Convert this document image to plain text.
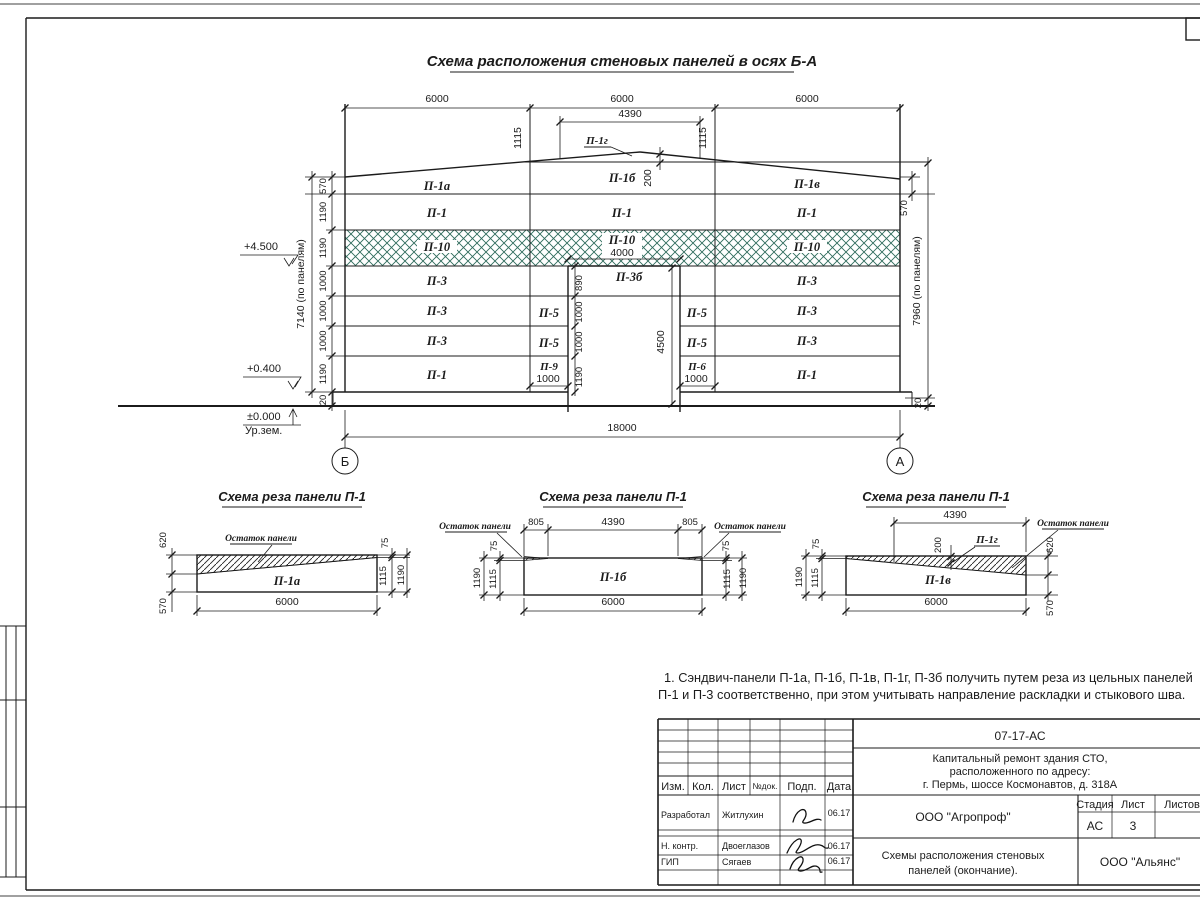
Схема расположения стеновых панелей в осях Б-А
6000	6000	6000
4390
1115	1115
П-1г
200
П-1а
П-1б	П-1в
П-1	П-1	П-1
П-10	П-10	П-10
4000
П-3	П-3
П-3б
П-3	П-3
П-5	П-5
П-3	П-3
П-5	П-5
П-1	П-1
П-9
1000
П-6
1000
890
1000
1000
1190
4500
570
1190
1190
1000
1000
1000
1190
20
7140 (по панелям)
+4.500
+0.400
±0.000
Ур.зем.
570
7960 (по панелям)
20
18000
Б	А
Схема реза панели П-1
Остаток панели
П-1а
620
570
75
1115 1190
6000
Схема реза панели П-1
П-1б
805	4390	805
Остаток панели	Остаток панели
75
1115
1190
75
1115 1190
6000
Схема реза панели П-1
П-1в
4390
200	П-1г
Остаток панели
75
1115
1190
620
570
6000
1. Сэндвич-панели П-1а, П-1б, П-1в, П-1г, П-3б получить путем реза из цельных панелей
П-1 и П-3 соответственно, при этом учитывать направление раскладки и стыкового шва.
Изм. Кол. Лист №док. Подп. Дата
Разработал Житлухин	06.17
Н. контр.	Двоеглазов	06.17
ГИП	Сягаев	06.17
07-17-АС
Капитальный ремонт здания СТО,
расположенного по адресу:
г. Пермь, шоссе Космонавтов, д. 318А
ООО "Агропроф"
Стадия Лист Листов
АС 3
Схемы расположения стеновых
панелей (окончание).
ООО "Альянс"
